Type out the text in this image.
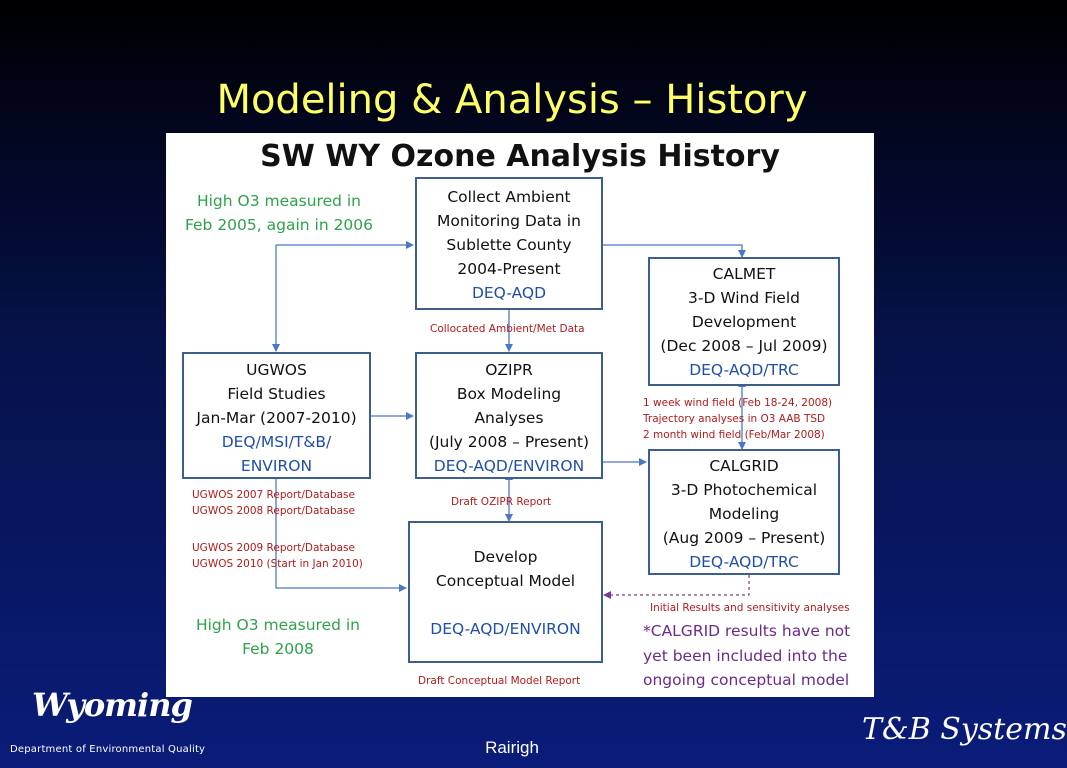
Modeling & Analysis – History
SW WY Ozone Analysis History
High O3 measured in
Feb 2005, again in 2006
High O3 measured in
Feb 2008
Collect Ambient
Monitoring Data in
Sublette County
2004-Present
DEQ-AQD
CALMET
3-D Wind Field
Development
(Dec 2008 – Jul 2009)
DEQ-AQD/TRC
UGWOS
Field Studies
Jan-Mar (2007-2010)
DEQ/MSI/T&B/
ENVIRON
OZIPR
Box Modeling
Analyses
(July 2008 – Present)
DEQ-AQD/ENVIRON	CALGRID
3-D Photochemical
Modeling
(Aug 2009 – Present)
DEQ-AQD/TRC
Develop
Conceptual Model
DEQ-AQD/ENVIRON
Collocated Ambient/Met Data
1 week wind field (Feb 18-24, 2008)
Trajectory analyses in O3 AAB TSD
2 month wind field (Feb/Mar 2008)
UGWOS 2007 Report/Database
UGWOS 2008 Report/Database
UGWOS 2009 Report/Database
UGWOS 2010 (Start in Jan 2010)
Draft OZIPR Report
Initial Results and sensitivity analyses
Draft Conceptual Model Report
*CALGRID results have not
yet been included into the
ongoing conceptual model
Wyoming
Department of Environmental Quality	Rairigh
T&B Systems
